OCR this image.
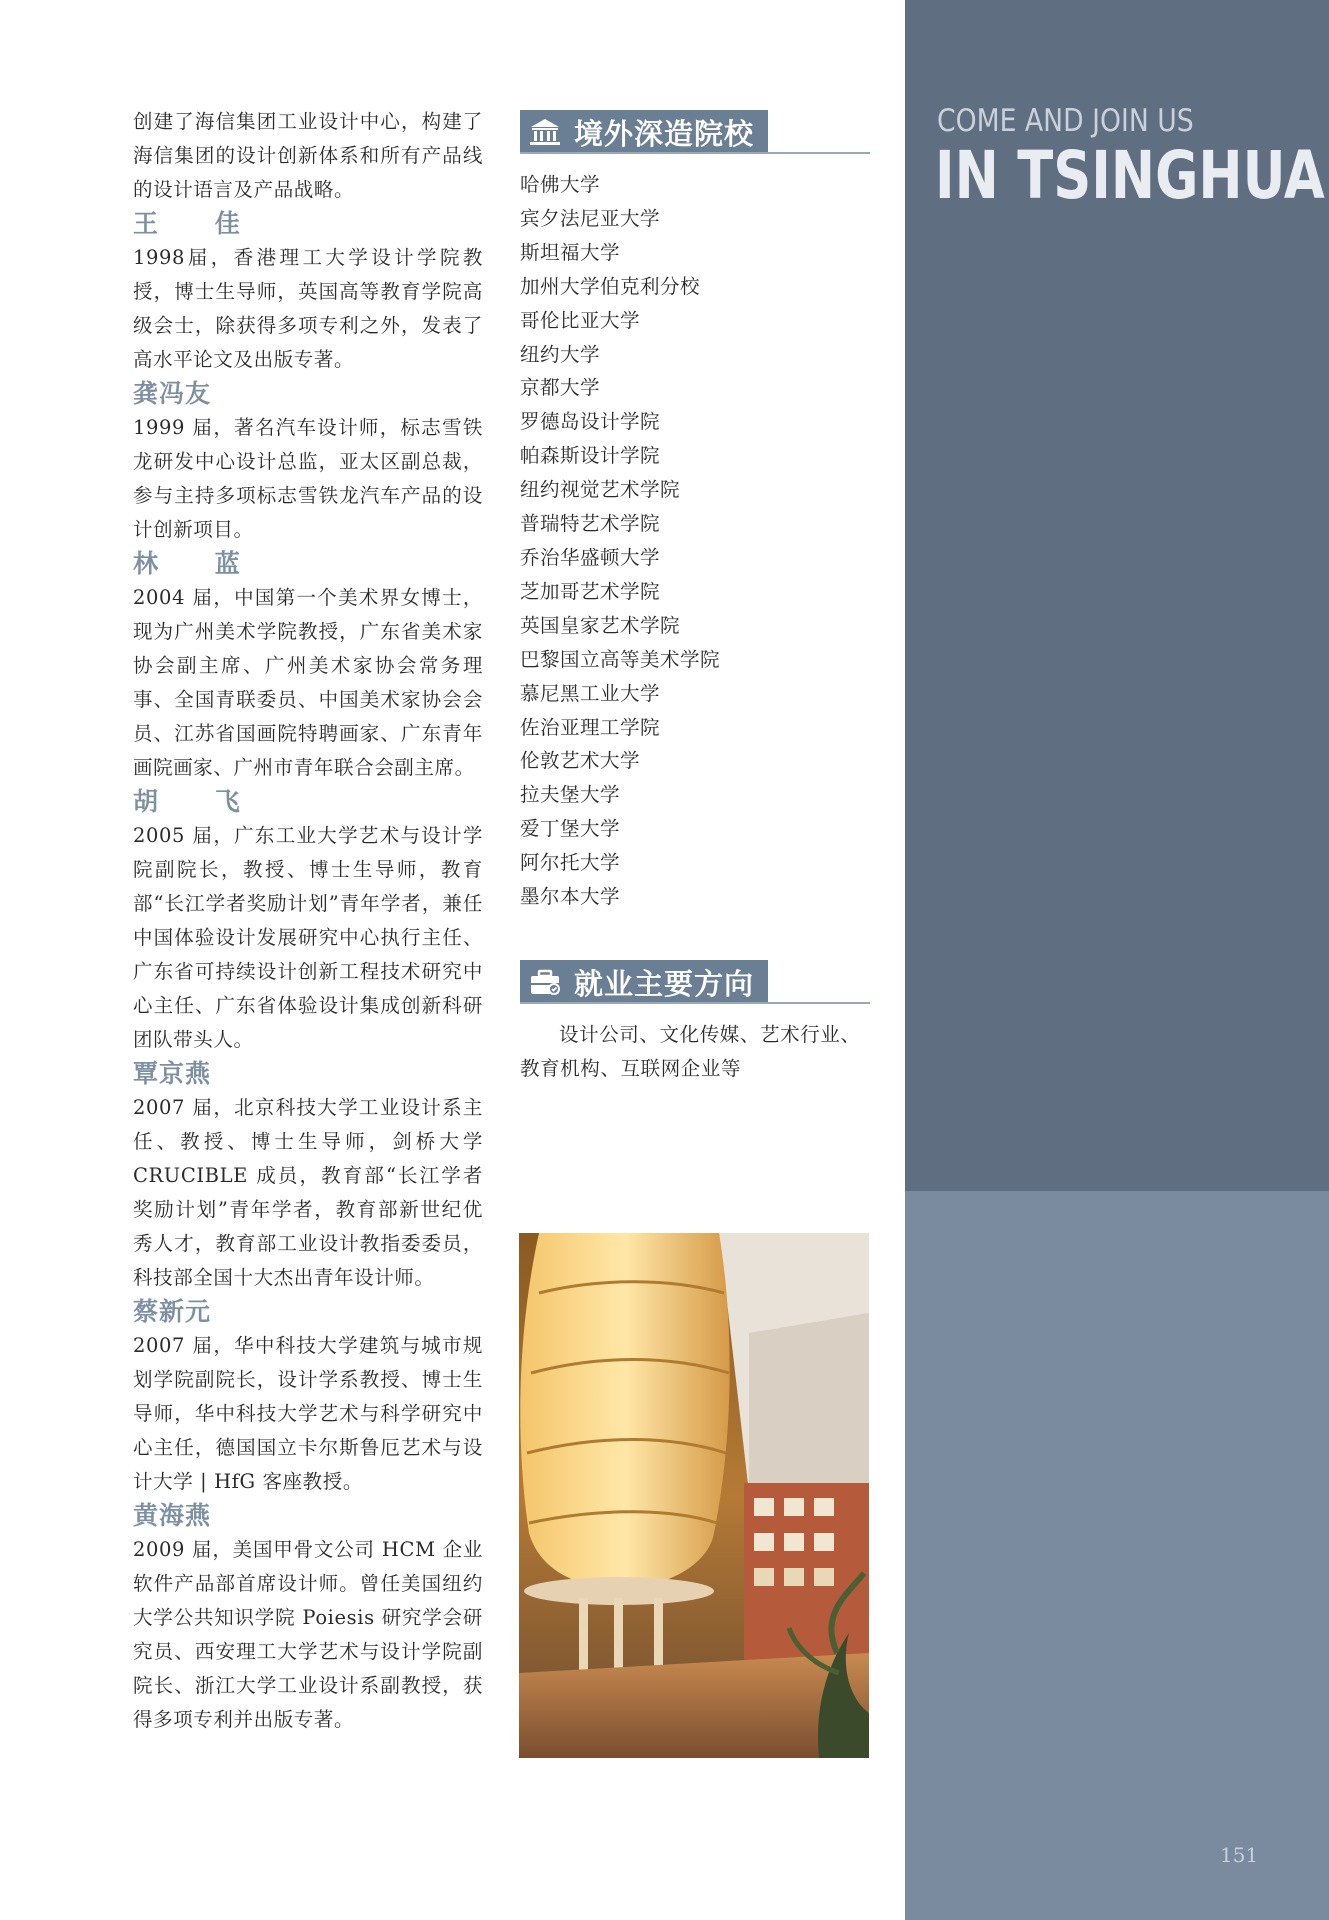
COME AND JOIN US
IN TSINGHUA
151

创建了海信集团工业设计中心，构建了海信集团的设计创新体系和所有产品线的设计语言及产品战略。

王 佳

1998届，香港理工大学设计学院教授，博士生导师，英国高等教育学院高级会士，除获得多项专利之外，发表了高水平论文及出版专著。

龚冯友

1999 届，著名汽车设计师，标志雪铁龙研发中心设计总监，亚太区副总裁，参与主持多项标志雪铁龙汽车产品的设计创新项目。

林 蓝

2004 届，中国第一个美术界女博士，现为广州美术学院教授，广东省美术家协会副主席、广州美术家协会常务理事、全国青联委员、中国美术家协会会员、江苏省国画院特聘画家、广东青年画院画家、广州市青年联合会副主席。

胡 飞

2005 届，广东工业大学艺术与设计学院副院长，教授、博士生导师，教育部“长江学者奖励计划”青年学者，兼任中国体验设计发展研究中心执行主任、广东省可持续设计创新工程技术研究中心主任、广东省体验设计集成创新科研团队带头人。

覃京燕

2007 届，北京科技大学工业设计系主任、教授、博士生导师，剑桥大学 CRUCIBLE 成员，教育部“长江学者奖励计划”青年学者，教育部新世纪优秀人才，教育部工业设计教指委委员，科技部全国十大杰出青年设计师。

蔡新元

2007 届，华中科技大学建筑与城市规划学院副院长，设计学系教授、博士生导师，华中科技大学艺术与科学研究中心主任，德国国立卡尔斯鲁厄艺术与设计大学 | HfG 客座教授。

黄海燕

2009 届，美国甲骨文公司 HCM 企业软件产品部首席设计师。曾任美国纽约大学公共知识学院 Poiesis 研究学会研究员、西安理工大学艺术与设计学院副院长、浙江大学工业设计系副教授，获得多项专利并出版专著。

境外深造院校
哈佛大学
宾夕法尼亚大学
斯坦福大学
加州大学伯克利分校
哥伦比亚大学
纽约大学
京都大学
罗德岛设计学院
帕森斯设计学院
纽约视觉艺术学院
普瑞特艺术学院
乔治华盛顿大学
芝加哥艺术学院
英国皇家艺术学院
巴黎国立高等美术学院
慕尼黑工业大学
佐治亚理工学院
伦敦艺术大学
拉夫堡大学
爱丁堡大学
阿尔托大学
墨尔本大学
就业主要方向

设计公司、文化传媒、艺术行业、教育机构、互联网企业等
